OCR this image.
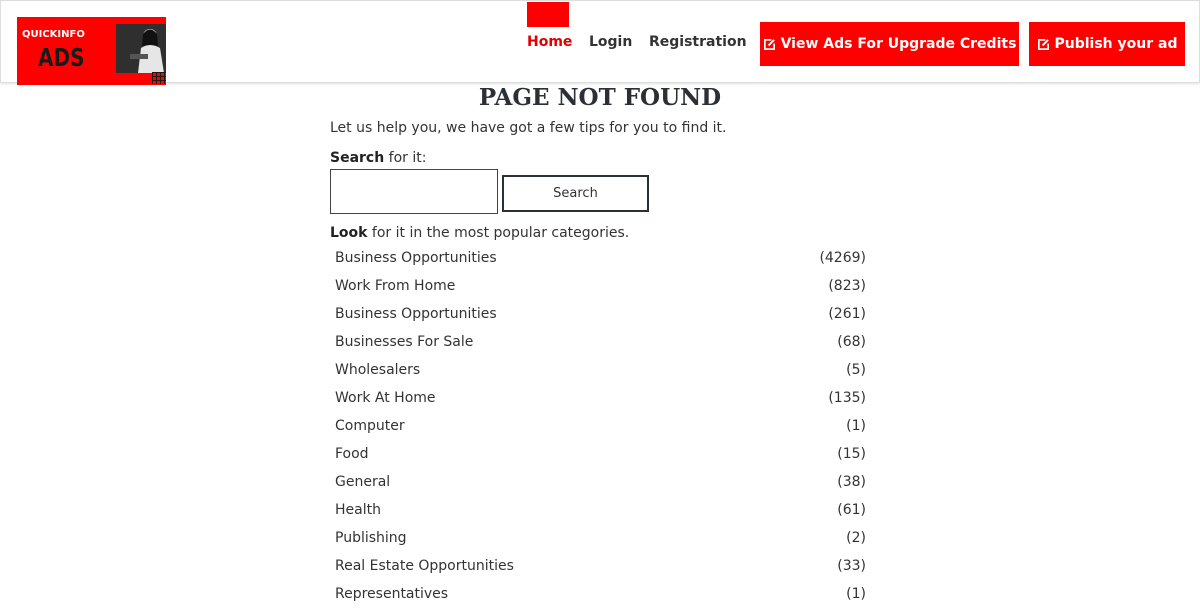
QUICKINFO
ADS
Home Login Registration View Ads For Upgrade Credits	Publish your ad
PAGE NOT FOUND
Let us help you, we have got a few tips for you to find it.
Search for it:
Search
Look for it in the most popular categories.
Business Opportunities	(4269)
Work From Home	(823)
Business Opportunities	(261)
Businesses For Sale	(68)
Wholesalers	(5)
Work At Home	(135)
Computer	(1)
Food	(15)
General	(38)
Health	(61)
Publishing	(2)
Real Estate Opportunities	(33)
Representatives	(1)
